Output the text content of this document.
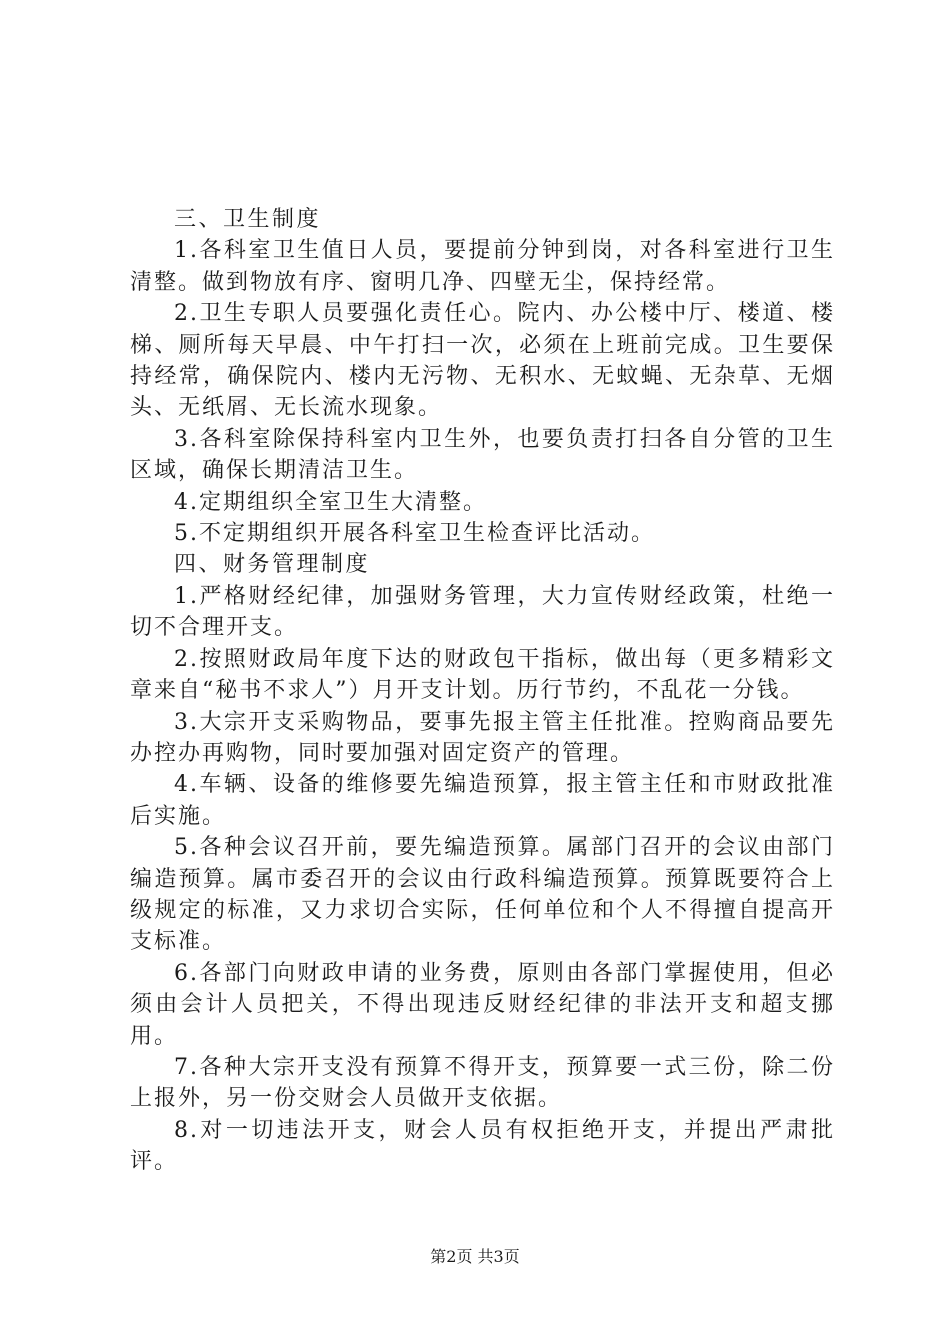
三、卫生制度

1.各科室卫生值日人员，要提前分钟到岗，对各科室进行卫生清整。做到物放有序、窗明几净、四壁无尘，保持经常。

2.卫生专职人员要强化责任心。院内、办公楼中厅、楼道、楼梯、厕所每天早晨、中午打扫一次，必须在上班前完成。卫生要保持经常，确保院内、楼内无污物、无积水、无蚊蝇、无杂草、无烟头、无纸屑、无长流水现象。

3.各科室除保持科室内卫生外，也要负责打扫各自分管的卫生区域，确保长期清洁卫生。

4.定期组织全室卫生大清整。

5.不定期组织开展各科室卫生检查评比活动。

四、财务管理制度

1.严格财经纪律，加强财务管理，大力宣传财经政策，杜绝一切不合理开支。

2.按照财政局年度下达的财政包干指标，做出每（更多精彩文章来自“秘书不求人”）月开支计划。历行节约，不乱花一分钱。

3.大宗开支采购物品，要事先报主管主任批准。控购商品要先办控办再购物，同时要加强对固定资产的管理。

4.车辆、设备的维修要先编造预算，报主管主任和市财政批准后实施。

5.各种会议召开前，要先编造预算。属部门召开的会议由部门编造预算。属市委召开的会议由行政科编造预算。预算既要符合上级规定的标准，又力求切合实际，任何单位和个人不得擅自提高开支标准。

6.各部门向财政申请的业务费，原则由各部门掌握使用，但必须由会计人员把关，不得出现违反财经纪律的非法开支和超支挪用。

7.各种大宗开支没有预算不得开支，预算要一式三份，除二份上报外，另一份交财会人员做开支依据。

8.对一切违法开支，财会人员有权拒绝开支，并提出严肃批评。

第2页 共3页
